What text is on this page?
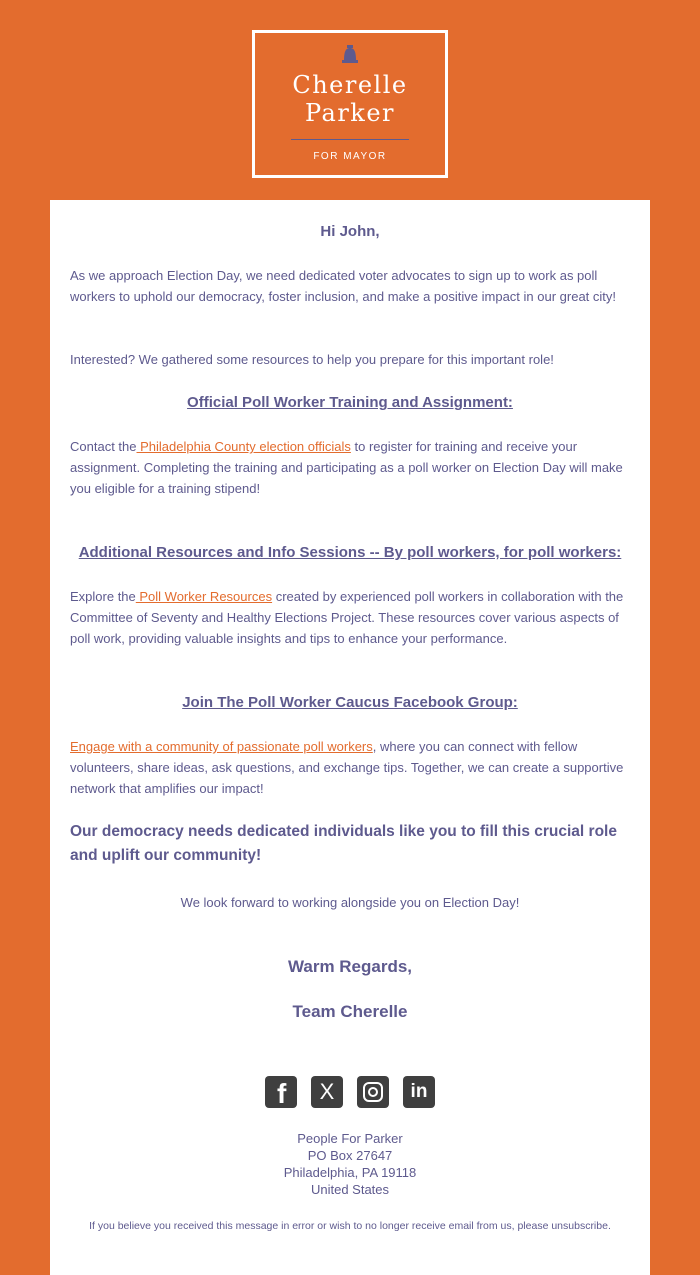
Cherelle
Parker
FOR MAYOR
Hi John,
As we approach Election Day, we need dedicated voter advocates to sign up to work as poll workers to uphold our democracy, foster inclusion, and make a positive impact in our great city!
Interested? We gathered some resources to help you prepare for this important role!
Official Poll Worker Training and Assignment:
Contact the Philadelphia County election officials to register for training and receive your assignment. Completing the training and participating as a poll worker on Election Day will make you eligible for a training stipend!
Additional Resources and Info Sessions -- By poll workers, for poll workers:
Explore the Poll Worker Resources created by experienced poll workers in collaboration with the Committee of Seventy and Healthy Elections Project. These resources cover various aspects of poll work, providing valuable insights and tips to enhance your performance.
Join The Poll Worker Caucus Facebook Group:
Engage with a community of passionate poll workers, where you can connect with fellow volunteers, share ideas, ask questions, and exchange tips. Together, we can create a supportive network that amplifies our impact!
Our democracy needs dedicated individuals like you to fill this crucial role and uplift our community!
We look forward to working alongside you on Election Day!
Warm Regards,
Team Cherelle
f	X	in
People For Parker
PO Box 27647
Philadelphia, PA 19118
United States
If you believe you received this message in error or wish to no longer receive email from us, please unsubscribe.
